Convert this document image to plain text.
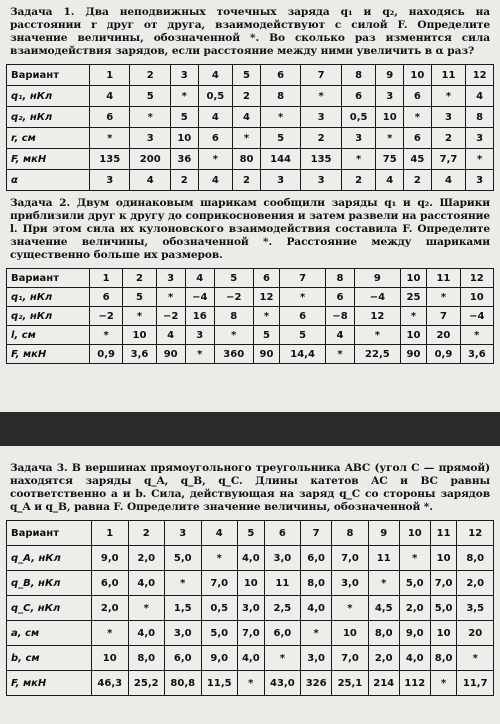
Задача 1. Два неподвижных точечных заряда q₁ и q₂, находясь на расстоянии r друг от друга, взаимодействуют с силой F. Определите значение величины, обозначенной *. Во сколько раз изменится сила взаимодействия зарядов, если расстояние между ними увеличить в α раз?

Вариант	1	2	3	4	5	6	7	8	9	10	11	12
q₁, нКл	4	5	*	0,5	2	8	*	6	3	6	*	4
q₂, нКл	6	*	5	4	4	*	3	0,5	10	*	3	8
r, см	*	3	10	6	*	5	2	3	*	6	2	3
F, мкН	135	200	36	*	80	144	135	*	75	45	7,7	*
α	3	4	2	4	2	3	3	2	4	2	4	3

Задача 2. Двум одинаковым шарикам сообщили заряды q₁ и q₂. Шарики приблизили друг к другу до соприкосновения и затем развели на расстояние l. При этом сила их кулоновского взаимодействия составила F. Определите значение величины, обозначенной *. Расстояние между шариками существенно больше их размеров.

Вариант	1	2	3	4	5	6	7	8	9	10	11	12
q₁, нКл	6	5	*	−4	−2	12	*	6	−4	25	*	10
q₂, нКл	−2	*	−2	16	8	*	6	−8	12	*	7	−4
l, см	*	10	4	3	*	5	5	4	*	10	20	*
F, мкН	0,9	3,6	90	*	360	90	14,4	*	22,5	90	0,9	3,6

Задача 3. В вершинах прямоугольного треугольника ABC (угол C — прямой) находятся заряды q_A, q_B, q_C. Длины катетов AC и BC равны соответственно a и b. Сила, действующая на заряд q_C со стороны зарядов q_A и q_B, равна F. Определите значение величины, обозначенной *.

Вариант	1	2	3	4	5	6	7	8	9	10	11	12
q_A, нКл	9,0	2,0	5,0	*	4,0	3,0	6,0	7,0	11	*	10	8,0
q_B, нКл	6,0	4,0	*	7,0	10	11	8,0	3,0	*	5,0	7,0	2,0
q_C, нКл	2,0	*	1,5	0,5	3,0	2,5	4,0	*	4,5	2,0	5,0	3,5
a, см	*	4,0	3,0	5,0	7,0	6,0	*	10	8,0	9,0	10	20
b, см	10	8,0	6,0	9,0	4,0	*	3,0	7,0	2,0	4,0	8,0	*
F, мкН	46,3	25,2	80,8	11,5	*	43,0	326	25,1	214	112	*	11,7
